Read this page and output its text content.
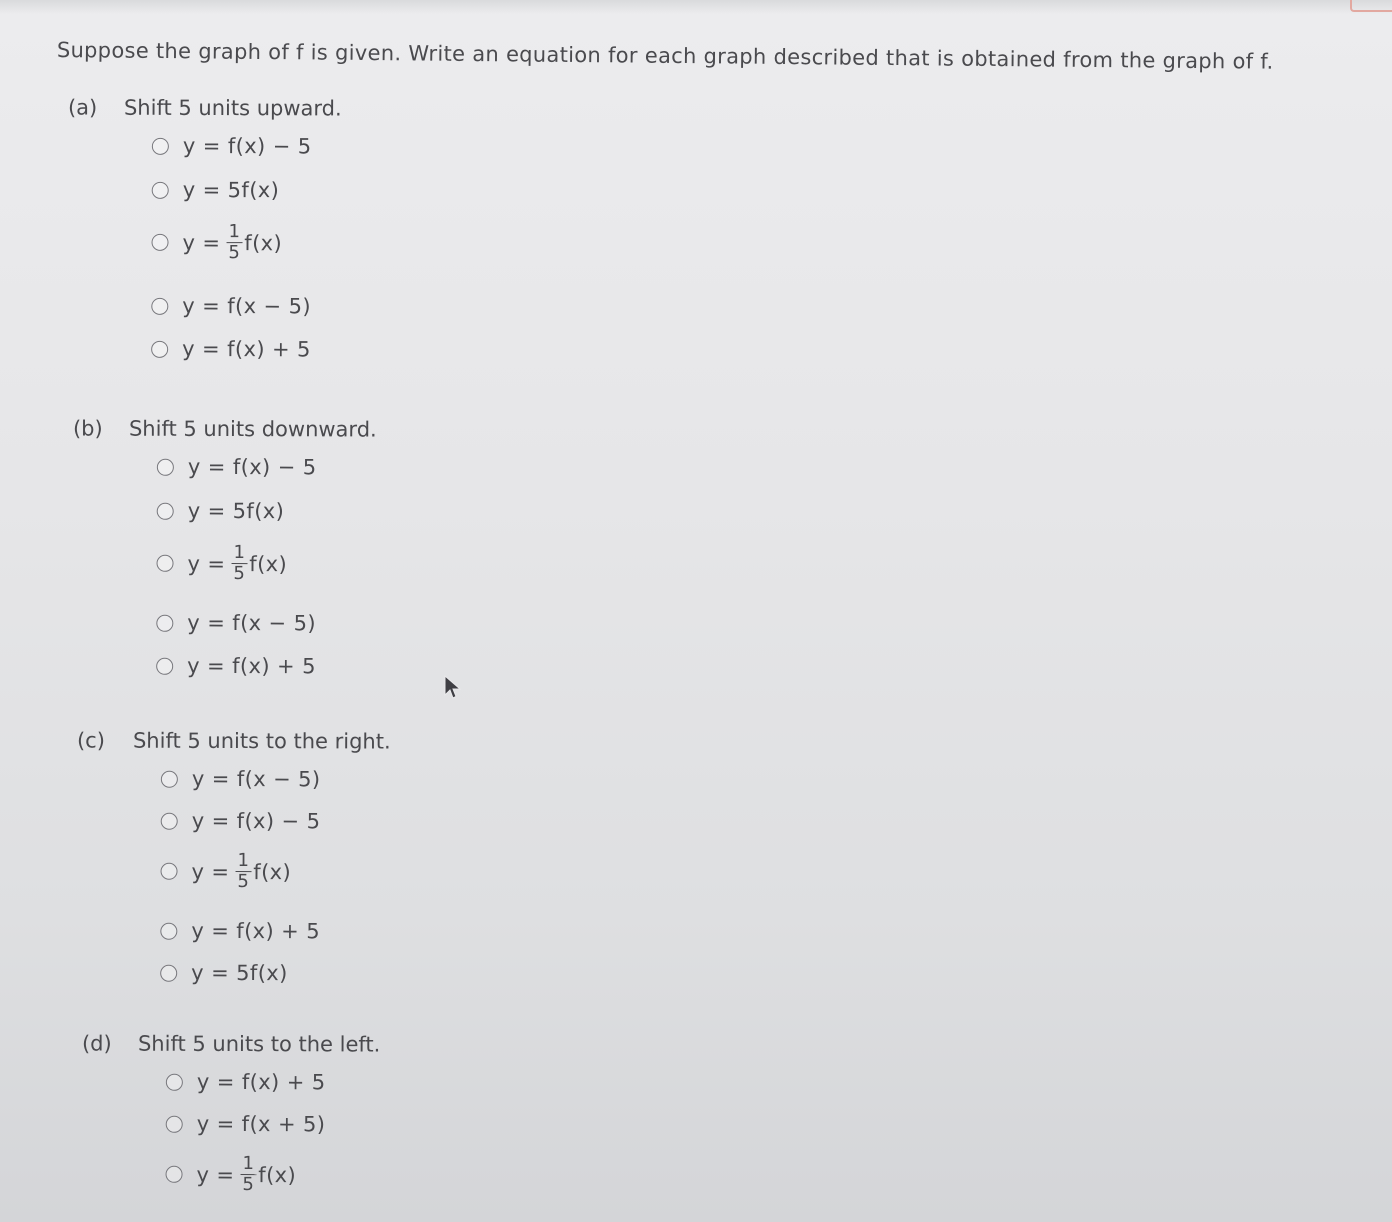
Suppose the graph of f is given. Write an equation for each graph described that is obtained from the graph of f.
(a)	Shift 5 units upward.
y = f(x) − 5
y = 5f(x)
$y = \frac{1}{5} f(x)$
y = f(x − 5)
y = f(x) + 5
(b)	Shift 5 units downward.
y = f(x) − 5
y = 5f(x)
$y = \frac{1}{5} f(x)$
y = f(x − 5)
y = f(x) + 5
(c)	Shift 5 units to the right.
y = f(x − 5)
y = f(x) − 5
$y = \frac{1}{5} f(x)$
y = f(x) + 5
y = 5f(x)
(d)	Shift 5 units to the left.
y = f(x) + 5
y = f(x + 5)
$y = \frac{1}{5} f(x)$
